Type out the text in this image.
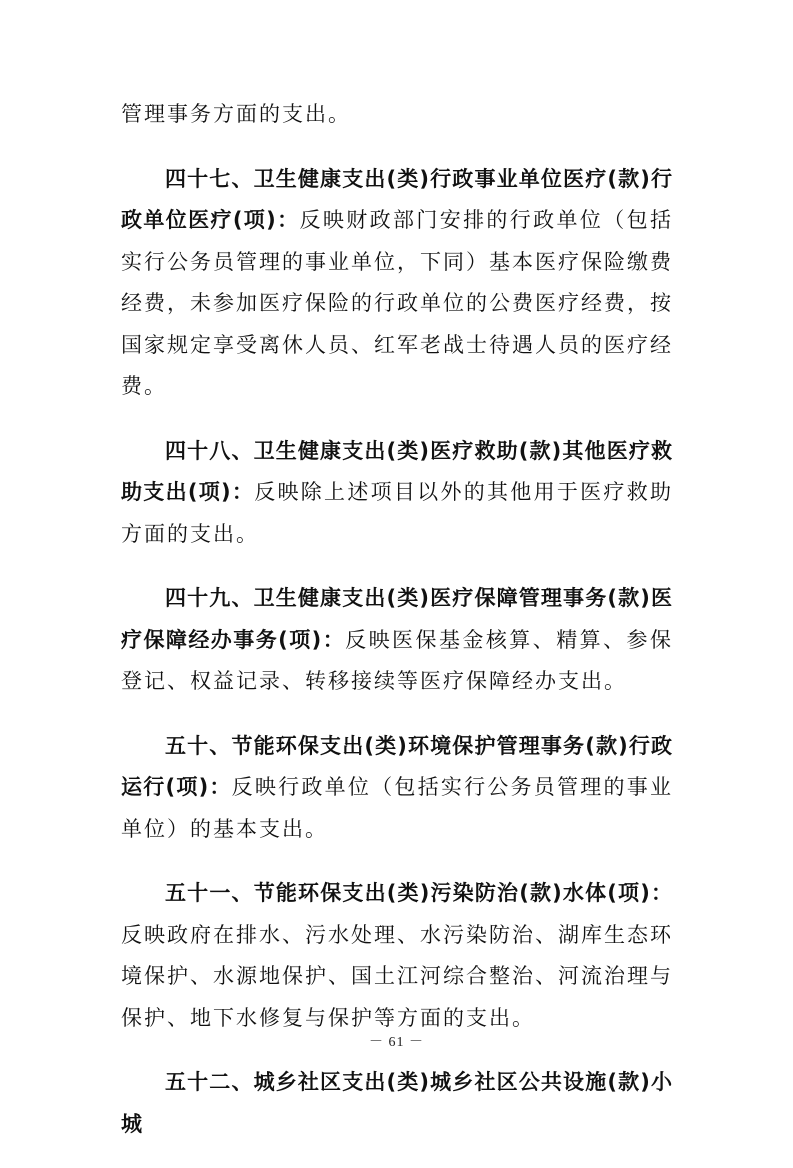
管理事务方面的支出。

四十七、卫生健康支出(类)行政事业单位医疗(款)行政单位医疗(项)：反映财政部门安排的行政单位（包括实行公务员管理的事业单位，下同）基本医疗保险缴费经费，未参加医疗保险的行政单位的公费医疗经费，按国家规定享受离休人员、红军老战士待遇人员的医疗经费。

四十八、卫生健康支出(类)医疗救助(款)其他医疗救助支出(项)：反映除上述项目以外的其他用于医疗救助方面的支出。

四十九、卫生健康支出(类)医疗保障管理事务(款)医疗保障经办事务(项)：反映医保基金核算、精算、参保登记、权益记录、转移接续等医疗保障经办支出。

五十、节能环保支出(类)环境保护管理事务(款)行政运行(项)：反映行政单位（包括实行公务员管理的事业单位）的基本支出。

五十一、节能环保支出(类)污染防治(款)水体(项)：反映政府在排水、污水处理、水污染防治、湖库生态环境保护、水源地保护、国土江河综合整治、河流治理与保护、地下水修复与保护等方面的支出。

五十二、城乡社区支出(类)城乡社区公共设施(款)小城

－ 61 －
